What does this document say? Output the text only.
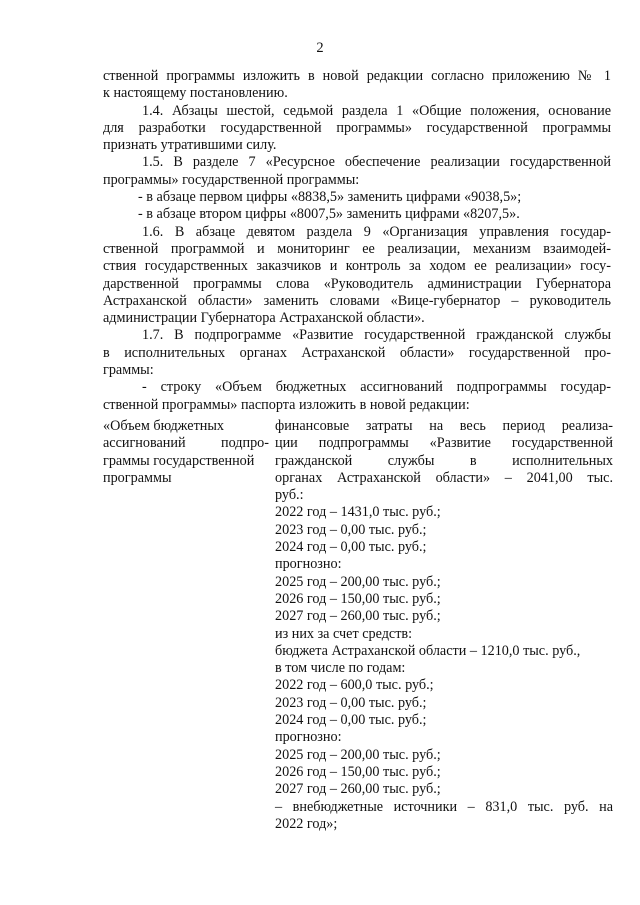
2
ственной программы изложить в новой редакции согласно приложению № 1
к настоящему постановлению.
1.4. Абзацы шестой, седьмой раздела 1 «Общие положения, основание
для разработки государственной программы» государственной программы
признать утратившими силу.
1.5. В разделе 7 «Ресурсное обеспечение реализации государственной
программы» государственной программы:
- в абзаце первом цифры «8838,5» заменить цифрами «9038,5»;
- в абзаце втором цифры «8007,5» заменить цифрами «8207,5».
1.6. В абзаце девятом раздела 9 «Организация управления государ-
ственной программой и мониторинг ее реализации, механизм взаимодей-
ствия государственных заказчиков и контроль за ходом ее реализации» госу-
дарственной программы слова «Руководитель администрации Губернатора
Астраханской области» заменить словами «Вице-губернатор – руководитель
администрации Губернатора Астраханской области».
1.7. В подпрограмме «Развитие государственной гражданской службы
в исполнительных органах Астраханской области» государственной про-
граммы:
- строку «Объем бюджетных ассигнований подпрограммы государ-
ственной программы» паспорта изложить в новой редакции:
«Объем бюджетных
ассигнований подпро-
граммы государственной
программы
финансовые затраты на весь период реализа-
ции подпрограммы «Развитие государственной
гражданской службы в исполнительных
органах Астраханской области» – 2041,00 тыс.
руб.:
2022 год – 1431,0 тыс. руб.;
2023 год – 0,00 тыс. руб.;
2024 год – 0,00 тыс. руб.;
прогнозно:
2025 год – 200,00 тыс. руб.;
2026 год – 150,00 тыс. руб.;
2027 год – 260,00 тыс. руб.;
из них за счет средств:
бюджета Астраханской области – 1210,0 тыс. руб.,
в том числе по годам:
2022 год – 600,0 тыс. руб.;
2023 год – 0,00 тыс. руб.;
2024 год – 0,00 тыс. руб.;
прогнозно:
2025 год – 200,00 тыс. руб.;
2026 год – 150,00 тыс. руб.;
2027 год – 260,00 тыс. руб.;
– внебюджетные источники – 831,0 тыс. руб. на
2022 год»;
